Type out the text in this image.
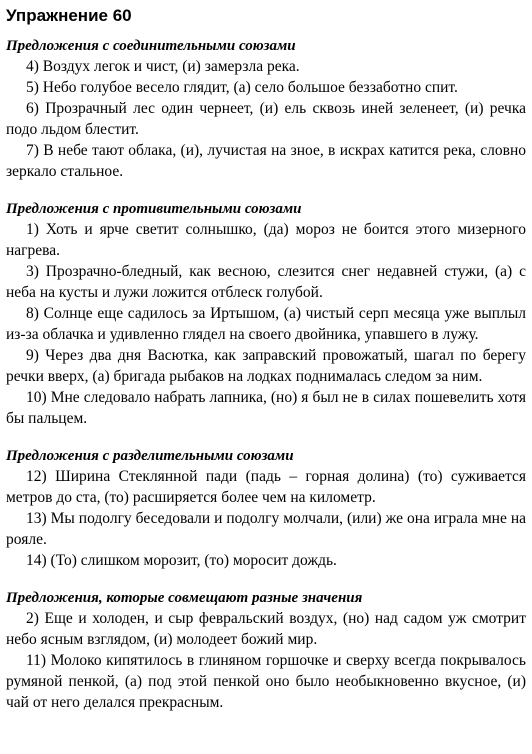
Упражнение 60
Предложения с соединительными союзами

4) Воздух легок и чист, (и) замерзла река.

5) Небо голубое весело глядит, (а) село большое беззаботно спит.

6) Прозрачный лес один чернеет, (и) ель сквозь иней зеленеет, (и) речка подо льдом блестит.

7) В небе тают облака, (и), лучистая на зное, в искрах катится река, словно зеркало стальное.

Предложения с противительными союзами

1) Хоть и ярче светит солнышко, (да) мороз не боится этого мизерного нагрева.

3) Прозрачно-бледный, как весною, слезится снег недавней стужи, (а) с неба на кусты и лужи ложится отблеск голубой.

8) Солнце еще садилось за Иртышом, (а) чистый серп месяца уже выплыл из-за облачка и удивленно глядел на своего двойника, упавшего в лужу.

9) Через два дня Васютка, как заправский провожатый, шагал по берегу речки вверх, (а) бригада рыбаков на лодках поднималась следом за ним.

10) Мне следовало набрать лапника, (но) я был не в силах пошевелить хотя бы пальцем.

Предложения с разделительными союзами

12) Ширина Стеклянной пади (падь – горная долина) (то) суживается метров до ста, (то) расширяется более чем на километр.

13) Мы подолгу беседовали и подолгу молчали, (или) же она играла мне на рояле.

14) (То) слишком морозит, (то) моросит дождь.

Предложения, которые совмещают разные значения

2) Еще и холоден, и сыр февральский воздух, (но) над садом уж смотрит небо ясным взглядом, (и) молодеет божий мир.

11) Молоко кипятилось в глиняном горшочке и сверху всегда покрывалось румяной пенкой, (а) под этой пенкой оно было необыкновенно вкусное, (и) чай от него делался прекрасным.
